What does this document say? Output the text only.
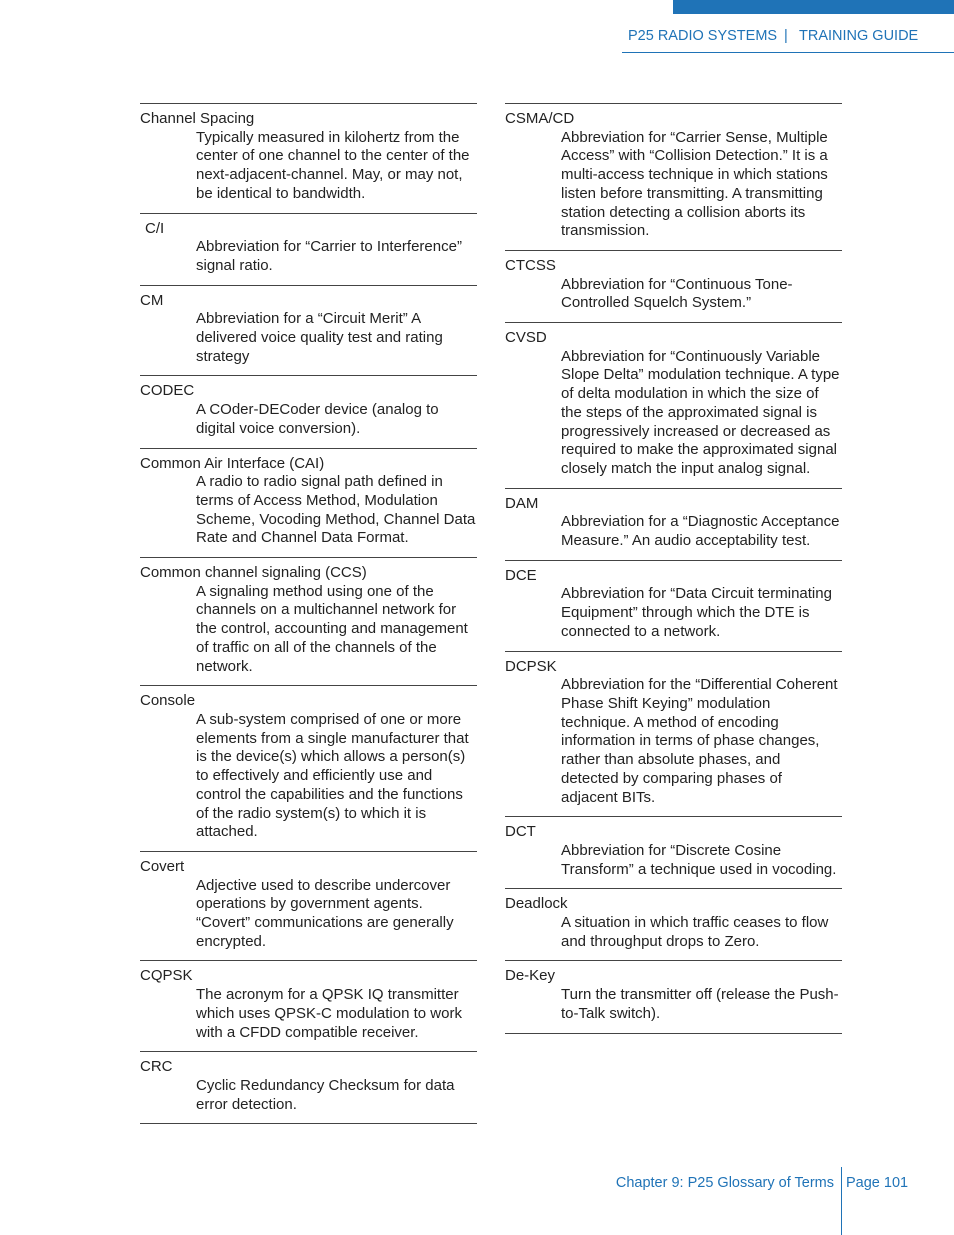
P25 RADIO SYSTEMS | TRAINING GUIDE
Channel Spacing
Typically measured in kilohertz from the center of one channel to the center of the next-adjacent-channel. May, or may not, be identical to bandwidth.
C/I
Abbreviation for “Carrier to Interference” signal ratio.
CM
Abbreviation for a “Circuit Merit” A delivered voice quality test and rating strategy
CODEC
A COder-DECoder device (analog to digital voice conversion).
Common Air Interface (CAI)
A radio to radio signal path defined in terms of Access Method, Modulation Scheme, Vocoding Method, Channel Data Rate and Channel Data Format.
Common channel signaling (CCS)
A signaling method using one of the channels on a multichannel network for the control, accounting and management of traffic on all of the channels of the network.
Console
A sub-system comprised of one or more elements from a single manufacturer that is the device(s) which allows a person(s) to effectively and efficiently use and control the capabilities and the functions of the radio system(s) to which it is attached.
Covert
Adjective used to describe undercover operations by government agents. “Covert” communications are generally encrypted.
CQPSK
The acronym for a QPSK IQ transmitter which uses QPSK-C modulation to work with a CFDD compatible receiver.
CRC
Cyclic Redundancy Checksum for data error detection.
CSMA/CD
Abbreviation for “Carrier Sense, Multiple Access” with “Collision Detection.” It is a multi-access technique in which stations listen before transmitting. A transmitting station detecting a collision aborts its transmission.
CTCSS
Abbreviation for “Continuous Tone-Controlled Squelch System.”
CVSD
Abbreviation for “Continuously Variable Slope Delta” modulation technique. A type of delta modulation in which the size of the steps of the approximated signal is progressively increased or decreased as required to make the approximated signal closely match the input analog signal.
DAM
Abbreviation for a “Diagnostic Acceptance Measure.” An audio acceptability test.
DCE
Abbreviation for “Data Circuit terminating Equipment” through which the DTE is connected to a network.
DCPSK
Abbreviation for the “Differential Coherent Phase Shift Keying” modulation technique. A method of encoding information in terms of phase changes, rather than absolute phases, and detected by comparing phases of adjacent BITs.
DCT
Abbreviation for “Discrete Cosine Transform” a technique used in vocoding.
Deadlock
A situation in which traffic ceases to flow and throughput drops to Zero.
De-Key
Turn the transmitter off (release the Push-to-Talk switch).
Chapter 9: P25 Glossary of Terms Page 101
